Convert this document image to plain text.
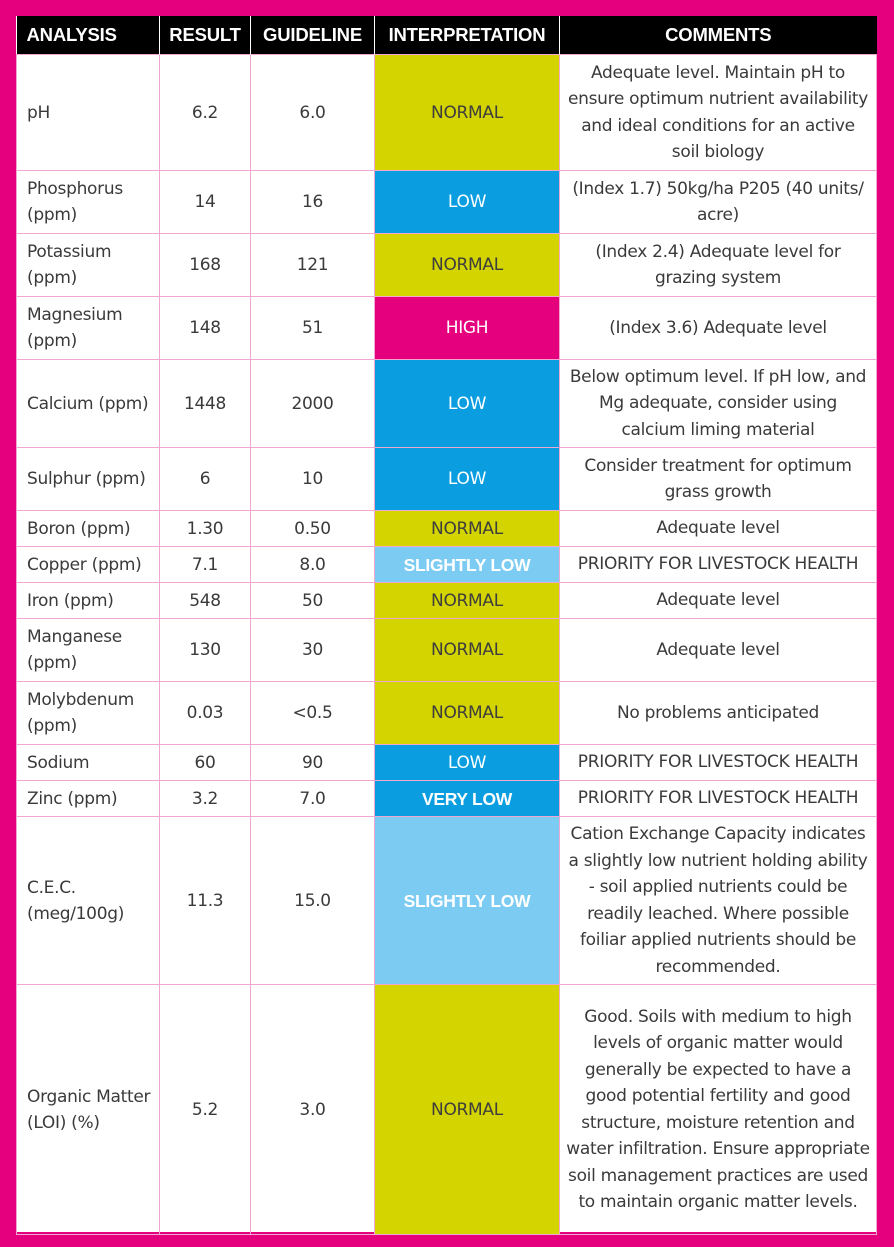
ANALYSIS	RESULT	GUIDELINE	INTERPRETATION	COMMENTS
pH	6.2	6.0	NORMAL	Adequate level. Maintain pH to ensure optimum nutrient availability and ideal conditions for an active soil biology
Phosphorus (ppm)	14	16	LOW	(Index 1.7) 50kg/ha P205 (40 units/ acre)
Potassium (ppm)	168	121	NORMAL	(Index 2.4) Adequate level for grazing system
Magnesium (ppm)	148	51	HIGH	(Index 3.6) Adequate level
Calcium (ppm)	1448	2000	LOW	Below optimum level. If pH low, and Mg adequate, consider using calcium liming material
Sulphur (ppm)	6	10	LOW	Consider treatment for optimum grass growth
Boron (ppm)	1.30	0.50	NORMAL	Adequate level
Copper (ppm)	7.1	8.0	SLIGHTLY LOW	PRIORITY FOR LIVESTOCK HEALTH
Iron (ppm)	548	50	NORMAL	Adequate level
Manganese (ppm)	130	30	NORMAL	Adequate level
Molybdenum (ppm)	0.03	<0.5	NORMAL	No problems anticipated
Sodium	60	90	LOW	PRIORITY FOR LIVESTOCK HEALTH
Zinc (ppm)	3.2	7.0	VERY LOW	PRIORITY FOR LIVESTOCK HEALTH
C.E.C. (meg/100g)	11.3	15.0	SLIGHTLY LOW	Cation Exchange Capacity indicates a slightly low nutrient holding ability - soil applied nutrients could be readily leached. Where possible foiliar applied nutrients should be recommended.
Organic Matter (LOI) (%)	5.2	3.0	NORMAL	Good. Soils with medium to high levels of organic matter would generally be expected to have a good potential fertility and good structure, moisture retention and water infiltration. Ensure appropriate soil management practices are used to maintain organic matter levels.
